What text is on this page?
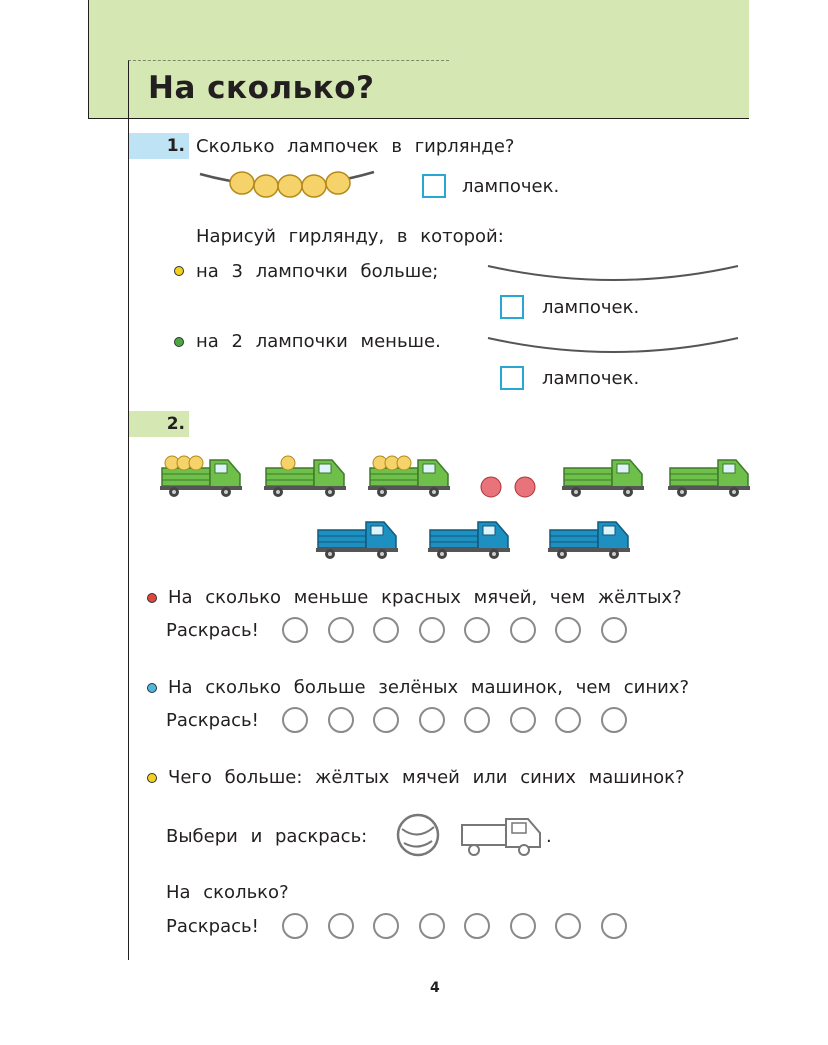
На сколько?
1. Сколько лампочек в гирлянде?
лампочек.
Нарисуй гирлянду, в которой:
на 3 лампочки больше;
лампочек.
на 2 лампочки меньше.
лампочек.
2.
На сколько меньше красных мячей, чем жёлтых?
Раскрась!
На сколько больше зелёных машинок, чем синих?
Раскрась!
Чего больше: жёлтых мячей или синих машинок?
Выбери и раскрась:	.
На сколько?
Раскрась!
4
